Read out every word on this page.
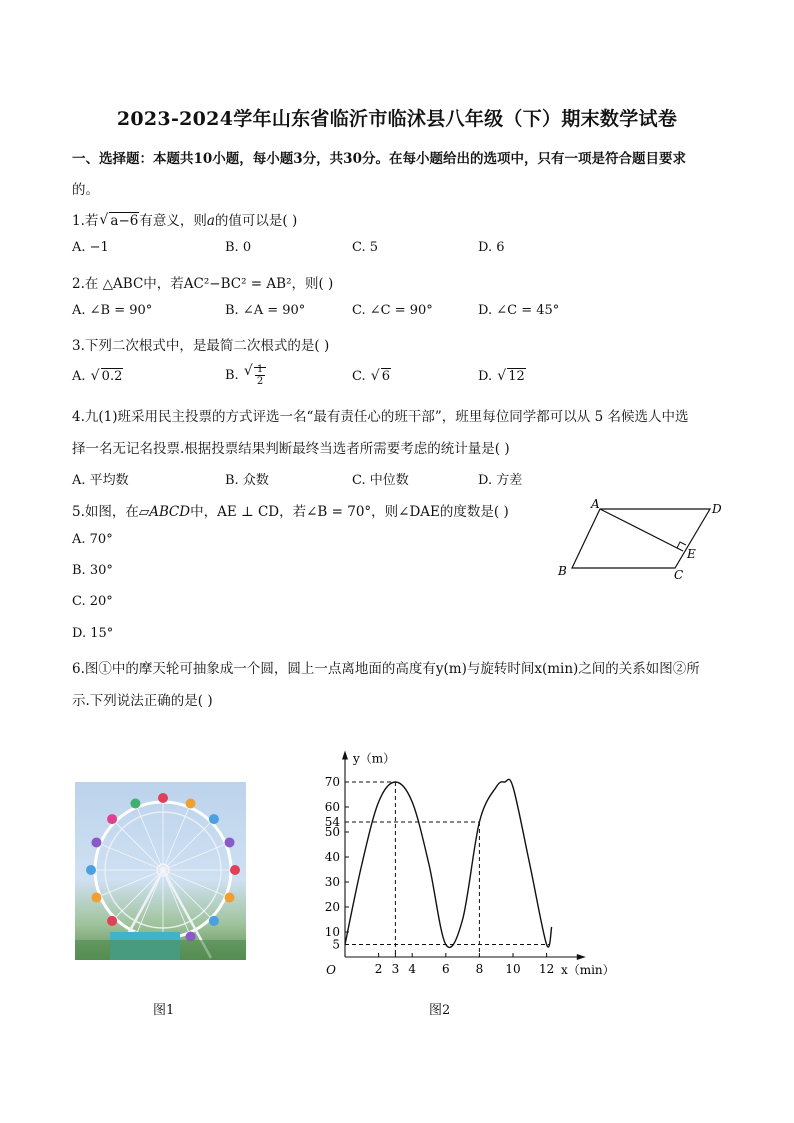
2023-2024学年山东省临沂市临沭县八年级（下）期末数学试卷
一、选择题：本题共10小题，每小题3分，共30分。在每小题给出的选项中，只有一项是符合题目要求
的。
1.若 √ a−6有意义，则𝑎的值可以是( )
A. −1	B. 0	C. 5	D. 6
2.在 △ABC中，若AC²−BC² = AB²，则( )
A. ∠B = 90°	B. ∠A = 90°	C. ∠C = 90°	D. ∠C = 45°
3.下列二次根式中，是最简二次根式的是( )
A. √ 0.2	B. √ $\frac{1}{2}$	C. √ 6	D. √ 12
4.九(1)班采用民主投票的方式评选一名“最有责任心的班干部”，班里每位同学都可以从 5 名候选人中选
择一名无记名投票.根据投票结果判断最终当选者所需要考虑的统计量是( )
A. 平均数	B. 众数	C. 中位数	D. 方差
5.如图，在▱𝐴𝐵𝐶𝐷中，AE ⊥ CD，若∠B = 70°，则∠DAE的度数是( )
A. 70°
B. 30°
C. 20°
D. 15°
A	D
B	C
E
6.图①中的摩天轮可抽象成一个圆，圆上一点离地面的高度有y(m)与旋转时间x(min)之间的关系如图②所
示.下列说法正确的是( )
图1
5
10
20
30
40
50
54
60
70
2 3 4 6 8 10 12
O	x（min）
y（m）
图2
